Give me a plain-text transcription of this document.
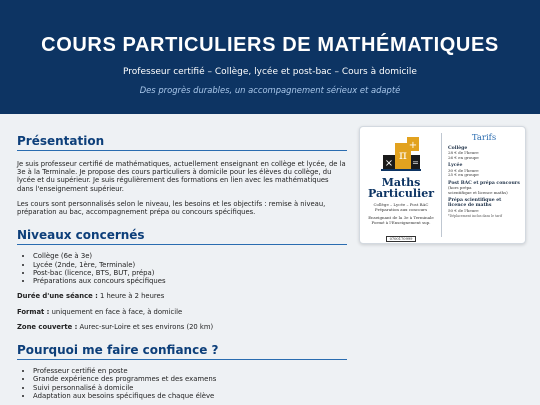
COURS PARTICULIERS DE MATHÉMATIQUES
Professeur certifié – Collège, lycée et post-bac – Cours à domicile
Des progrès durables, un accompagnement sérieux et adapté
Présentation

Je suis professeur certifié de mathématiques, actuellement enseignant en collège et lycée, de la 3e à la Terminale. Je propose des cours particuliers à domicile pour les élèves du collège, du lycée et du supérieur. Je suis régulièrement des formations en lien avec les mathématiques dans l'enseignement supérieur.

Les cours sont personnalisés selon le niveau, les besoins et les objectifs : remise à niveau, préparation au bac, accompagnement prépa ou concours spécifiques.

Niveaux concernés
• Collège (6e à 3e)
• Lycée (2nde, 1ère, Terminale)
• Post-bac (licence, BTS, BUT, prépa)
• Préparations aux concours spécifiques
Durée d'une séance : 1 heure à 2 heures
Format : uniquement en face à face, à domicile
Zone couverte : Aurec-sur-Loire et ses environs (20 km)
Pourquoi me faire confiance ?
• Professeur certifié en poste
• Grande expérience des programmes et des examens
• Suivi personnalisé à domicile
• Adaptation aux besoins spécifiques de chaque élève
×
π
+
=
Maths
Particulier
Collège – Lycée – Post BAC
Préparation aux concours
Enseignant de la 3e à Terminale
Formé à l'Enseignement sup.
0700170999
Tarifs
Collège
28 € de l'heure
26 € en groupe
Lycée
30 € de l'heure
25 € en groupe
Post BAC et prépa concours
(hors prépa
scientifique et licence maths)
Prépa scientifique et licence de maths
50 € de l'heure
*Déplacement inclus dans le tarif
